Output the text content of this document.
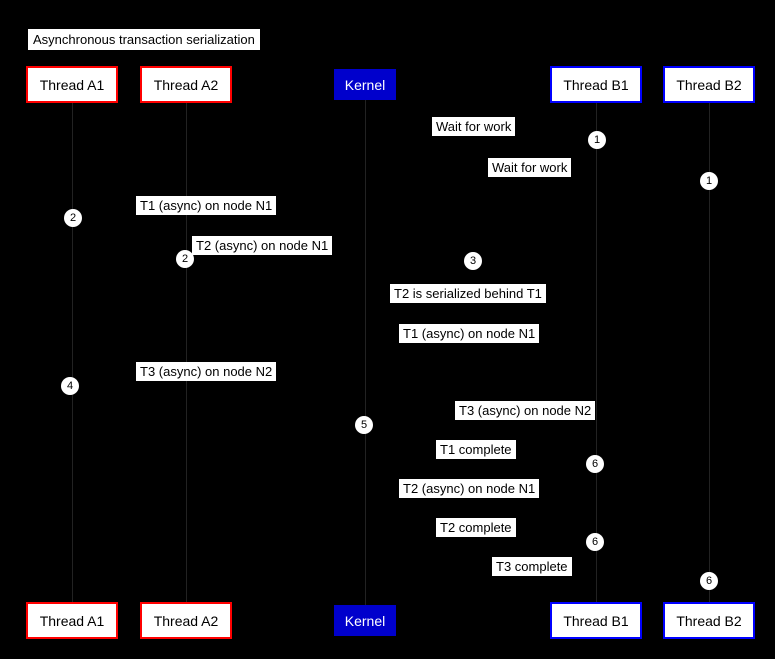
Asynchronous transaction serialization
Thread A1	Thread A2	Kernel	Thread B1	Thread B2
Thread A1	Thread A2	Kernel	Thread B1	Thread B2
Wait for work
Wait for work
T1 (async) on node N1
T2 (async) on node N1
T2 is serialized behind T1
T1 (async) on node N1
T3 (async) on node N2
T3 (async) on node N2
T1 complete
T2 (async) on node N1
T2 complete
T3 complete
1
1
2
2	3
4
5
6
6
6
